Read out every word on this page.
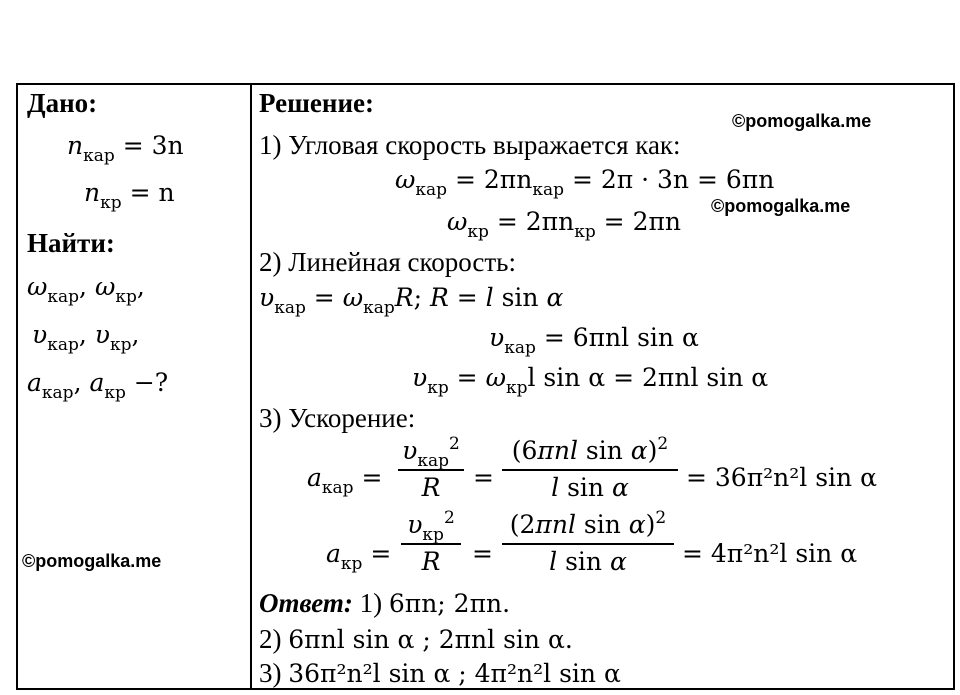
Дано:
$n_{кар} = 3n$
$n_{кр} = n$
Найти:
$\omega_{кар}$, $\omega_{кр}$,
$\upsilon_{кар}$, $\upsilon_{кр}$,
$a_{кар}$, $a_{кр}$ −?
©pomogalka.me
Решение:
©pomogalka.me
1) Угловая скорость выражается как:
$\omega_{кар} = 2\pi n_{кар} = 2\pi \cdot 3n = 6\pi n$
$\omega_{кр} = 2\pi n_{кр} = 2\pi n$
©pomogalka.me
2) Линейная скорость:
$\upsilon_{кар} = \omega_{кар}R$; R = l sin α
$\upsilon_{кар} = 6\pi nl$ sin α
$\upsilon_{кр} = \omega_{кр}l$ sin α = 2πnl sin α
3) Ускорение:
$a_{кар}$ =
$\upsilon_{кар}^2$
R	=
(6πnl sin α)$^2$
l sin α	= 36π²n²l sin α
$a_{кр}$ =
$\upsilon_{кр}^2$
R	=
(2πnl sin α)$^2$
l sin α	= 4π²n²l sin α
Ответ: 1) 6πn; 2πn.
2) 6πnl sin α ; 2πnl sin α.
3) 36π²n²l sin α ; 4π²n²l sin α
